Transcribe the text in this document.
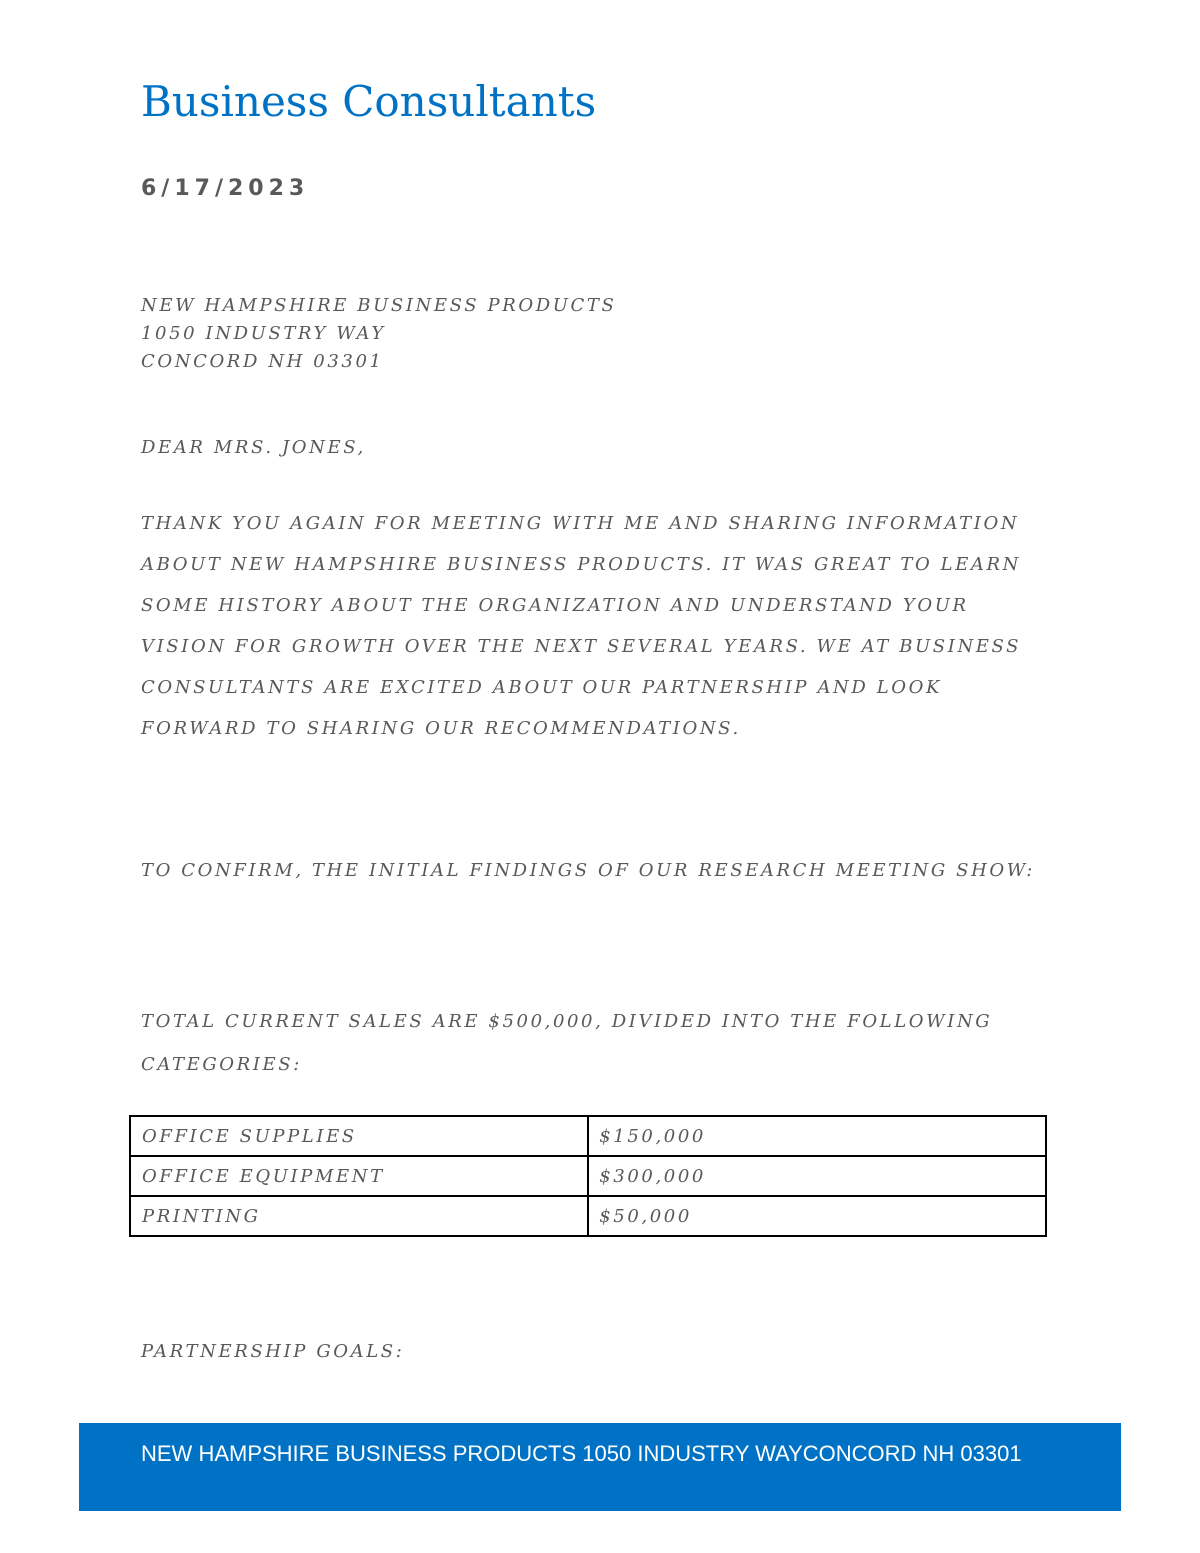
Business Consultants
6/17/2023
NEW HAMPSHIRE BUSINESS PRODUCTS
1050 INDUSTRY WAY
CONCORD NH 03301
DEAR MRS. JONES,
THANK YOU AGAIN FOR MEETING WITH ME AND SHARING INFORMATION
ABOUT NEW HAMPSHIRE BUSINESS PRODUCTS. IT WAS GREAT TO LEARN
SOME HISTORY ABOUT THE ORGANIZATION AND UNDERSTAND YOUR
VISION FOR GROWTH OVER THE NEXT SEVERAL YEARS. WE AT BUSINESS
CONSULTANTS ARE EXCITED ABOUT OUR PARTNERSHIP AND LOOK
FORWARD TO SHARING OUR RECOMMENDATIONS.
TO CONFIRM, THE INITIAL FINDINGS OF OUR RESEARCH MEETING SHOW:
TOTAL CURRENT SALES ARE $500,000, DIVIDED INTO THE FOLLOWING
CATEGORIES:
OFFICE SUPPLIES	$150,000
OFFICE EQUIPMENT	$300,000
PRINTING	$50,000
PARTNERSHIP GOALS:
NEW HAMPSHIRE BUSINESS PRODUCTS 1050 INDUSTRY WAYCONCORD NH 03301
